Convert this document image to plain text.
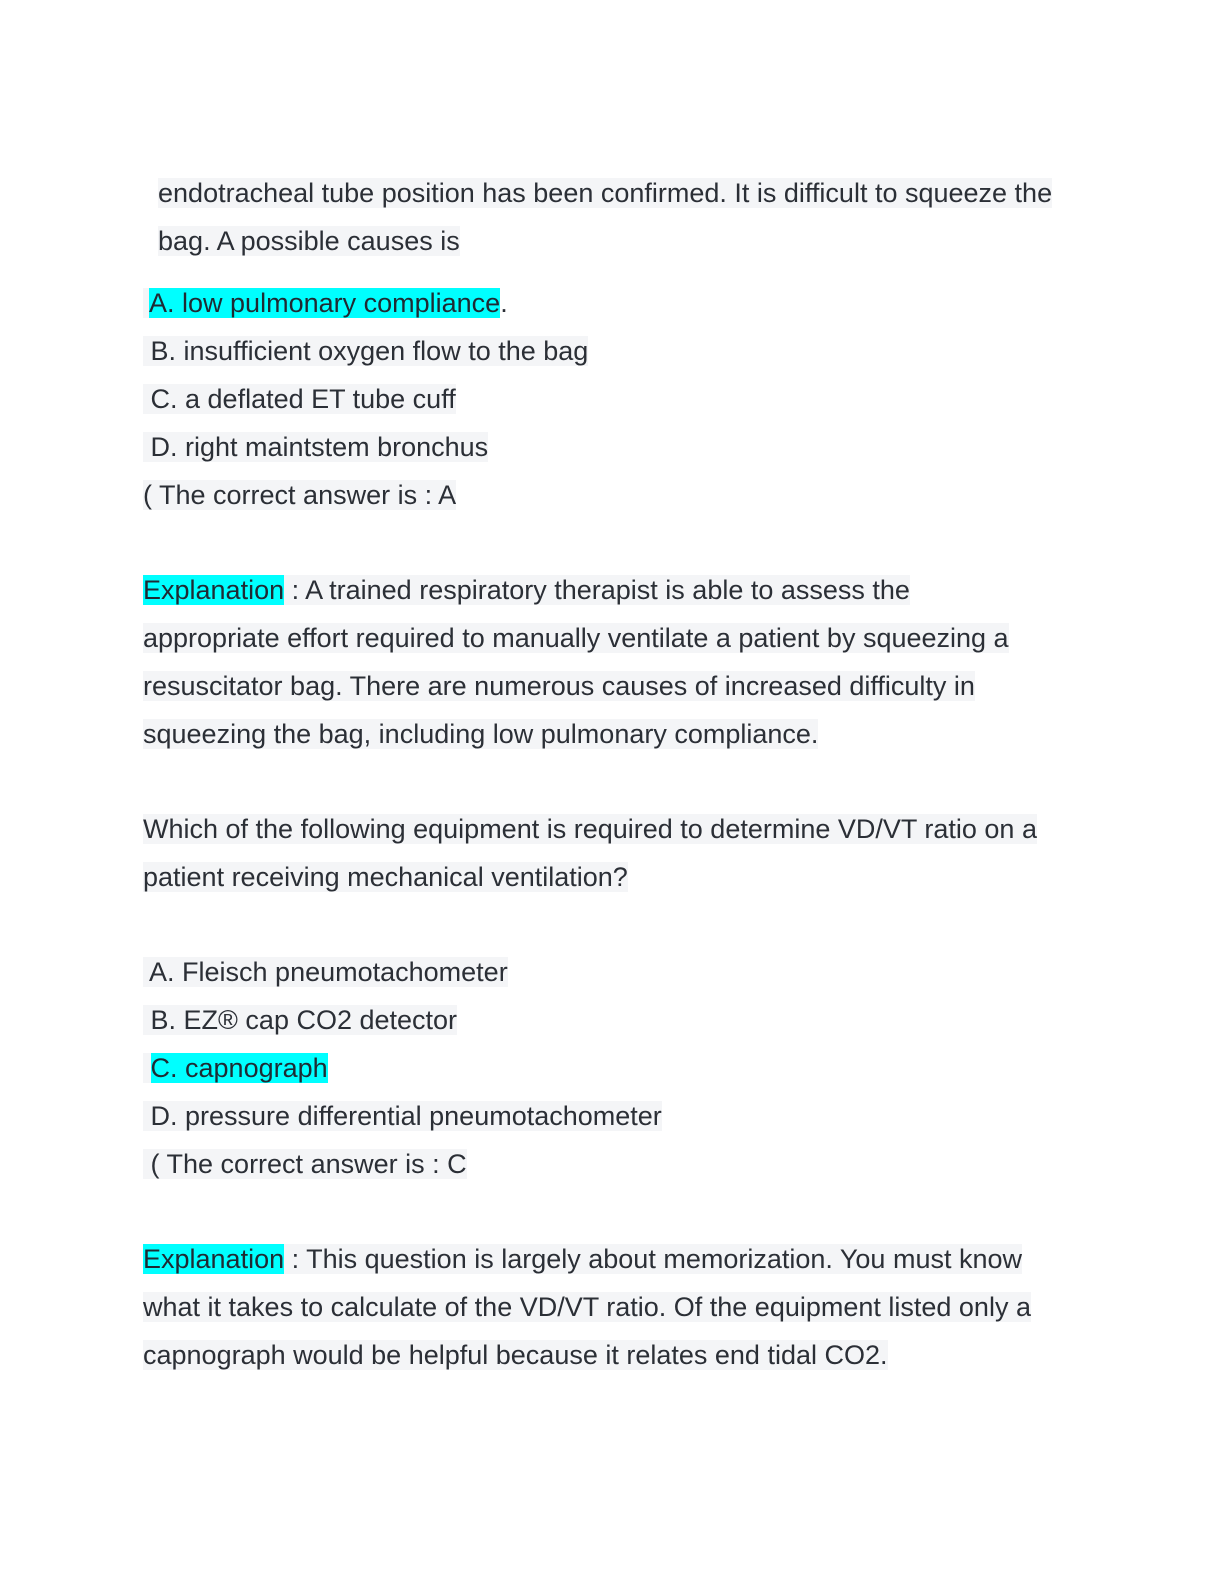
endotracheal tube position has been confirmed. It is difficult to squeeze the

bag. A possible causes is

A. low pulmonary compliance.
B. insufficient oxygen flow to the bag
C. a deflated ET tube cuff
D. right maintstem bronchus
( The correct answer is : A
Explanation : A trained respiratory therapist is able to assess the
appropriate effort required to manually ventilate a patient by squeezing a
resuscitator bag. There are numerous causes of increased difficulty in
squeezing the bag, including low pulmonary compliance.
Which of the following equipment is required to determine VD/VT ratio on a
patient receiving mechanical ventilation?
A. Fleisch pneumotachometer
B. EZ® cap CO2 detector
C. capnograph
D. pressure differential pneumotachometer
( The correct answer is : C
Explanation : This question is largely about memorization. You must know
what it takes to calculate of the VD/VT ratio. Of the equipment listed only a
capnograph would be helpful because it relates end tidal CO2.
